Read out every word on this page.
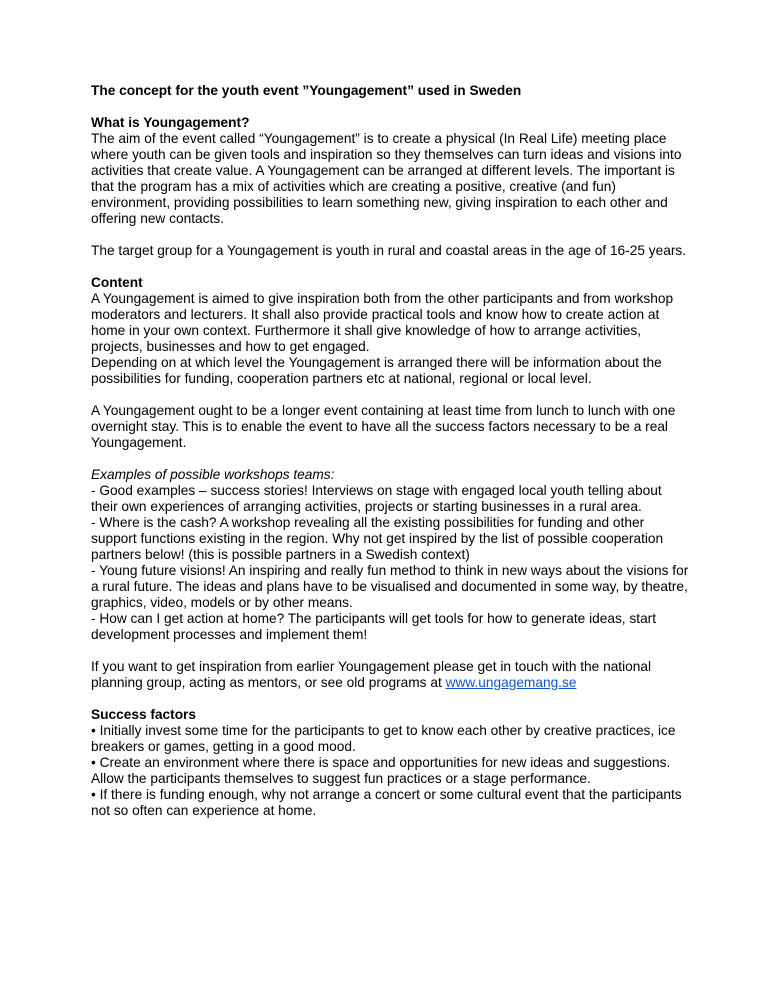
The concept for the youth event ”Youngagement” used in Sweden

What is Youngagement?

The aim of the event called “Youngagement” is to create a physical (In Real Life) meeting place where youth can be given tools and inspiration so they themselves can turn ideas and visions into activities that create value. A Youngagement can be arranged at different levels. The important is that the program has a mix of activities which are creating a positive, creative (and fun) environment, providing possibilities to learn something new, giving inspiration to each other and offering new contacts.

The target group for a Youngagement is youth in rural and coastal areas in the age of 16-25 years.

Content

A Youngagement is aimed to give inspiration both from the other participants and from workshop moderators and lecturers. It shall also provide practical tools and know how to create action at home in your own context. Furthermore it shall give knowledge of how to arrange activities, projects, businesses and how to get engaged.

Depending on at which level the Youngagement is arranged there will be information about the possibilities for funding, cooperation partners etc at national, regional or local level.

A Youngagement ought to be a longer event containing at least time from lunch to lunch with one overnight stay. This is to enable the event to have all the success factors necessary to be a real Youngagement.

Examples of possible workshops teams:

- Good examples – success stories! Interviews on stage with engaged local youth telling about their own experiences of arranging activities, projects or starting businesses in a rural area.

- Where is the cash? A workshop revealing all the existing possibilities for funding and other support functions existing in the region. Why not get inspired by the list of possible cooperation partners below! (this is possible partners in a Swedish context)

- Young future visions! An inspiring and really fun method to think in new ways about the visions for a rural future. The ideas and plans have to be visualised and documented in some way, by theatre, graphics, video, models or by other means.

- How can I get action at home? The participants will get tools for how to generate ideas, start development processes and implement them!

If you want to get inspiration from earlier Youngagement please get in touch with the national planning group, acting as mentors, or see old programs at www.ungagemang.se

Success factors

• Initially invest some time for the participants to get to know each other by creative practices, ice breakers or games, getting in a good mood.

• Create an environment where there is space and opportunities for new ideas and suggestions. Allow the participants themselves to suggest fun practices or a stage performance.

• If there is funding enough, why not arrange a concert or some cultural event that the participants not so often can experience at home.
